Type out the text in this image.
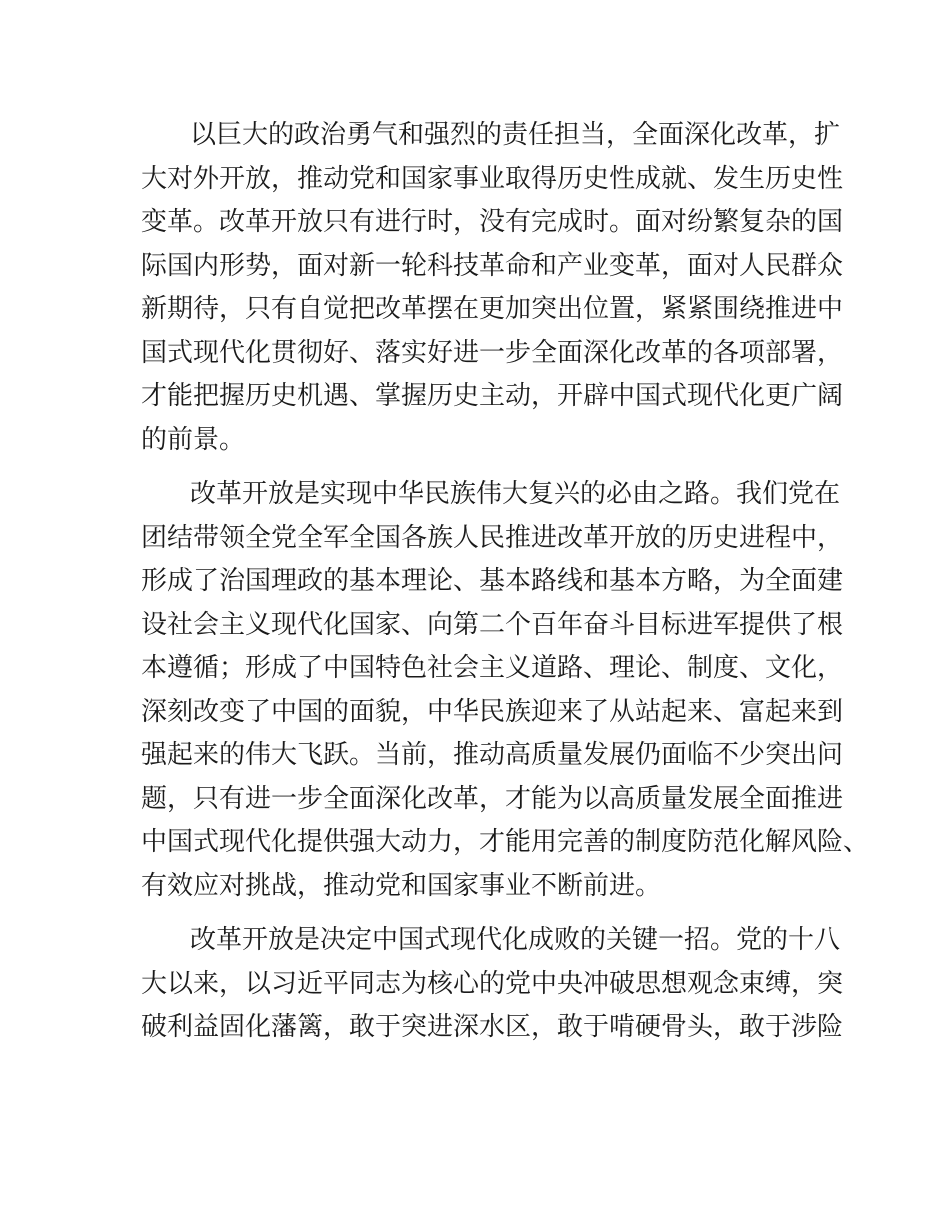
以巨大的政治勇气和强烈的责任担当，全面深化改革，扩
大对外开放，推动党和国家事业取得历史性成就、发生历史性
变革。改革开放只有进行时，没有完成时。面对纷繁复杂的国
际国内形势，面对新一轮科技革命和产业变革，面对人民群众
新期待，只有自觉把改革摆在更加突出位置，紧紧围绕推进中
国式现代化贯彻好、落实好进一步全面深化改革的各项部署，
才能把握历史机遇、掌握历史主动，开辟中国式现代化更广阔
的前景。
改革开放是实现中华民族伟大复兴的必由之路。我们党在
团结带领全党全军全国各族人民推进改革开放的历史进程中，
形成了治国理政的基本理论、基本路线和基本方略，为全面建
设社会主义现代化国家、向第二个百年奋斗目标进军提供了根
本遵循；形成了中国特色社会主义道路、理论、制度、文化，
深刻改变了中国的面貌，中华民族迎来了从站起来、富起来到
强起来的伟大飞跃。当前，推动高质量发展仍面临不少突出问
题，只有进一步全面深化改革，才能为以高质量发展全面推进
中国式现代化提供强大动力，才能用完善的制度防范化解风险、
有效应对挑战，推动党和国家事业不断前进。
改革开放是决定中国式现代化成败的关键一招。党的十八
大以来，以习近平同志为核心的党中央冲破思想观念束缚，突
破利益固化藩篱，敢于突进深水区，敢于啃硬骨头，敢于涉险
